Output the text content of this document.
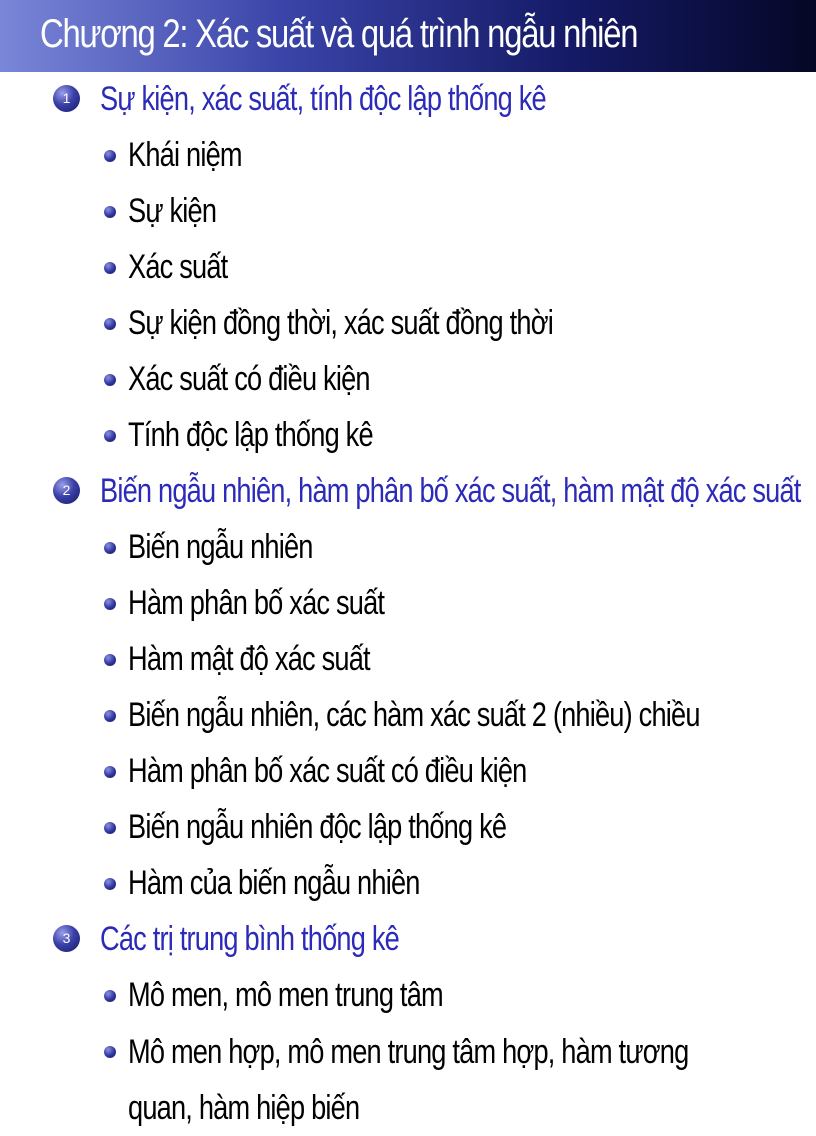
Chương 2: Xác suất và quá trình ngẫu nhiên
1 Sự kiện, xác suất, tính độc lập thống kê
Khái niệm
Sự kiện
Xác suất
Sự kiện đồng thời, xác suất đồng thời
Xác suất có điều kiện
Tính độc lập thống kê
2 Biến ngẫu nhiên, hàm phân bố xác suất, hàm mật độ xác suất
Biến ngẫu nhiên
Hàm phân bố xác suất
Hàm mật độ xác suất
Biến ngẫu nhiên, các hàm xác suất 2 (nhiều) chiều
Hàm phân bố xác suất có điều kiện
Biến ngẫu nhiên độc lập thống kê
Hàm của biến ngẫu nhiên
3 Các trị trung bình thống kê
Mô men, mô men trung tâm
Mô men hợp, mô men trung tâm hợp, hàm tương quan, hàm hiệp biến
